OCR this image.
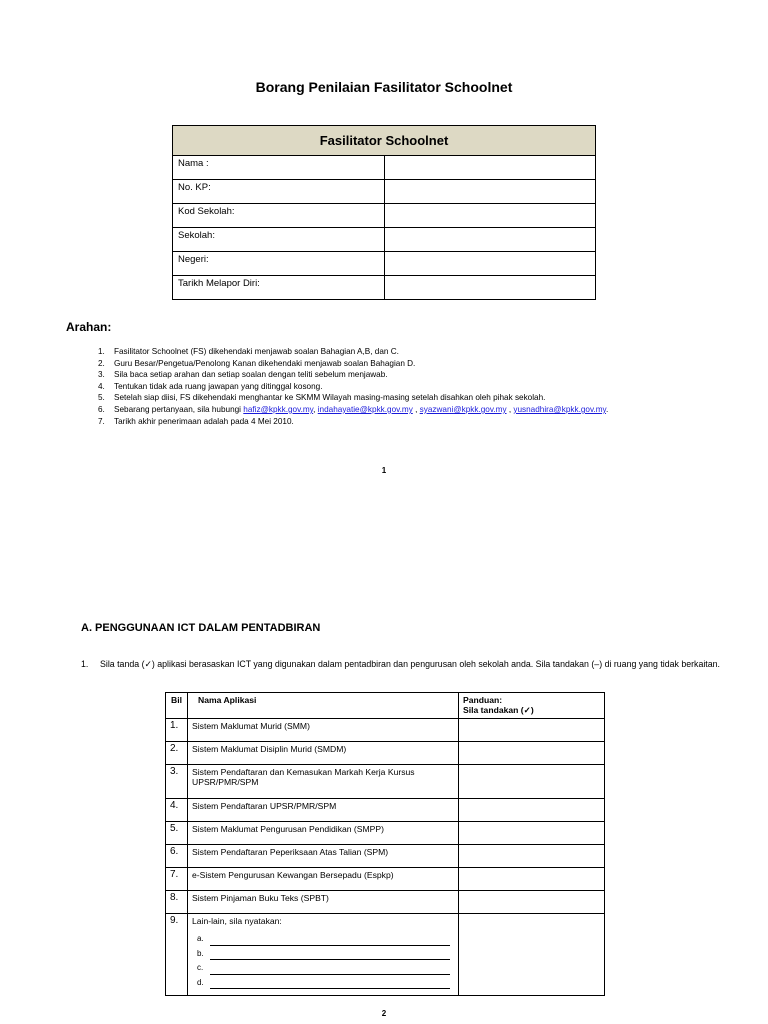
Borang Penilaian Fasilitator Schoolnet
Fasilitator Schoolnet	
Nama :	
No. KP:	
Kod Sekolah:	
Sekolah:	
Negeri:	
Tarikh Melapor Diri:	
Arahan:
1. Fasilitator Schoolnet (FS) dikehendaki menjawab soalan Bahagian A,B, dan C.
2. Guru Besar/Pengetua/Penolong Kanan dikehendaki menjawab soalan Bahagian D.
3. Sila baca setiap arahan dan setiap soalan dengan teliti sebelum menjawab.
4. Tentukan tidak ada ruang jawapan yang ditinggal kosong.
5. Setelah siap diisi, FS dikehendaki menghantar ke SKMM Wilayah masing-masing setelah disahkan oleh pihak sekolah.
6. Sebarang pertanyaan, sila hubungi hafiz@kpkk.gov.my, indahayatie@kpkk.gov.my , syazwani@kpkk.gov.my , yusnadhira@kpkk.gov.my.
7. Tarikh akhir penerimaan adalah pada 4 Mei 2010.
1
A. PENGGUNAAN ICT DALAM PENTADBIRAN
1. Sila tanda (✓) aplikasi berasaskan ICT yang digunakan dalam pentadbiran dan pengurusan oleh sekolah anda. Sila tandakan (–) di ruang yang tidak berkaitan.
Bil	Nama Aplikasi	Panduan:
Sila tandakan (✓)

1.	Sistem Maklumat Murid (SMM)	
2.	Sistem Maklumat Disiplin Murid (SMDM)	
3.	Sistem Pendaftaran dan Kemasukan Markah Kerja Kursus UPSR/PMR/SPM	
4.	Sistem Pendaftaran UPSR/PMR/SPM	
5.	Sistem Maklumat Pengurusan Pendidikan (SMPP)	
6.	Sistem Pendaftaran Peperiksaan Atas Talian (SPM)	
7.	e-Sistem Pengurusan Kewangan Bersepadu (Espkp)	
8.	Sistem Pinjaman Buku Teks (SPBT)	
9.	Lain-lain, sila nyatakan:
a.
b.
c.
d.	

2
